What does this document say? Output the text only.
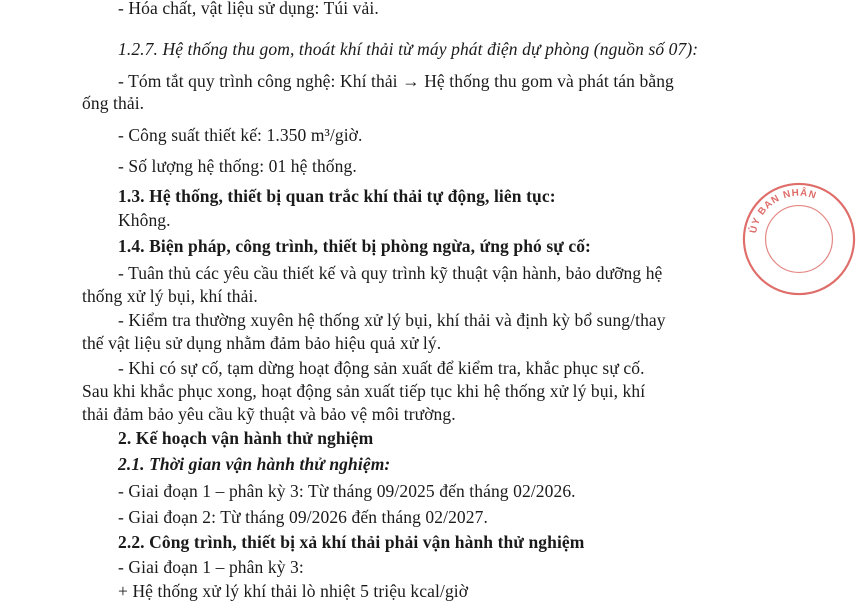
- Hóa chất, vật liệu sử dụng: Túi vải.
1.2.7. Hệ thống thu gom, thoát khí thải từ máy phát điện dự phòng (nguồn số 07):
- Tóm tắt quy trình công nghệ: Khí thải → Hệ thống thu gom và phát tán bằng
ống thải.
- Công suất thiết kế: 1.350 m³/giờ.
- Số lượng hệ thống: 01 hệ thống.
1.3. Hệ thống, thiết bị quan trắc khí thải tự động, liên tục:
Không.
1.4. Biện pháp, công trình, thiết bị phòng ngừa, ứng phó sự cố:
- Tuân thủ các yêu cầu thiết kế và quy trình kỹ thuật vận hành, bảo dưỡng hệ
thống xử lý bụi, khí thải.
- Kiểm tra thường xuyên hệ thống xử lý bụi, khí thải và định kỳ bổ sung/thay
thế vật liệu sử dụng nhằm đảm bảo hiệu quả xử lý.
- Khi có sự cố, tạm dừng hoạt động sản xuất để kiểm tra, khắc phục sự cố.
Sau khi khắc phục xong, hoạt động sản xuất tiếp tục khi hệ thống xử lý bụi, khí
thải đảm bảo yêu cầu kỹ thuật và bảo vệ môi trường.
2. Kế hoạch vận hành thử nghiệm
2.1. Thời gian vận hành thử nghiệm:
- Giai đoạn 1 – phân kỳ 3: Từ tháng 09/2025 đến tháng 02/2026.
- Giai đoạn 2: Từ tháng 09/2026 đến tháng 02/2027.
2.2. Công trình, thiết bị xả khí thải phải vận hành thử nghiệm
- Giai đoạn 1 – phân kỳ 3:
+ Hệ thống xử lý khí thải lò nhiệt 5 triệu kcal/giờ
ỦY BAN NHÂN
